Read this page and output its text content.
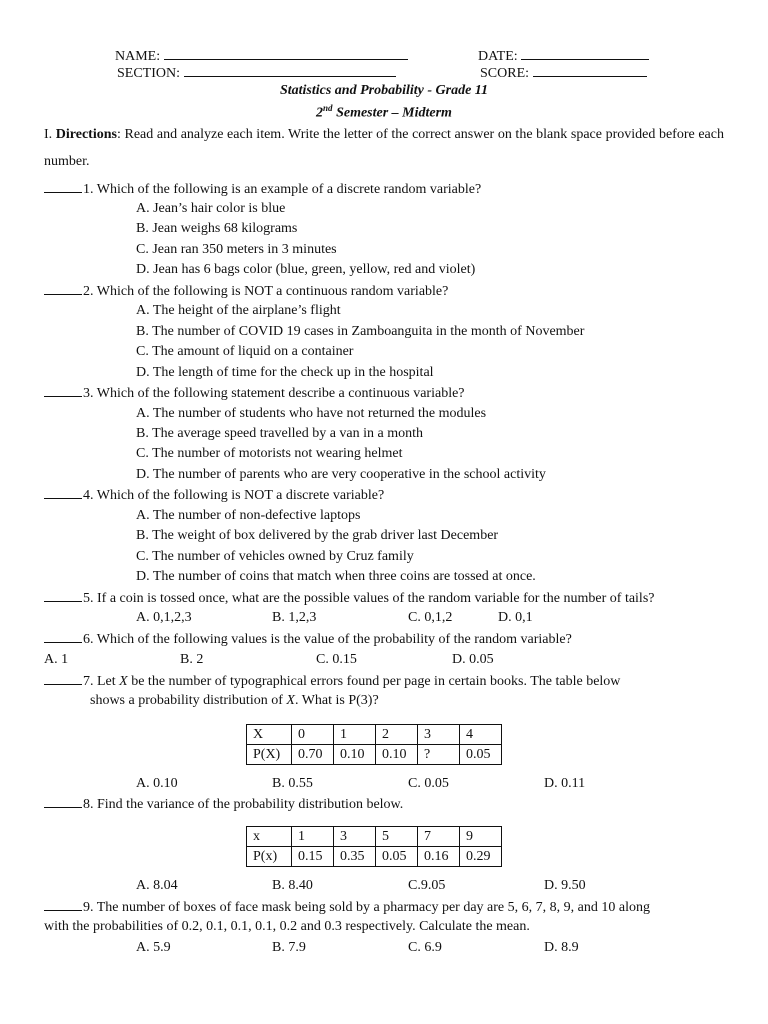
NAME:	DATE:
SECTION:	SCORE:
Statistics and Probability - Grade 11
2nd Semester – Midterm
I. Directions: Read and analyze each item. Write the letter of the correct answer on the blank space provided before each number.
1. Which of the following is an example of a discrete random variable?
A. Jean’s hair color is blue
B. Jean weighs 68 kilograms
C. Jean ran 350 meters in 3 minutes
D. Jean has 6 bags color (blue, green, yellow, red and violet)
2. Which of the following is NOT a continuous random variable?
A. The height of the airplane’s flight
B. The number of COVID 19 cases in Zamboanguita in the month of November
C. The amount of liquid on a container
D. The length of time for the check up in the hospital
3. Which of the following statement describe a continuous variable?
A. The number of students who have not returned the modules
B. The average speed travelled by a van in a month
C. The number of motorists not wearing helmet
D. The number of parents who are very cooperative in the school activity
4. Which of the following is NOT a discrete variable?
A. The number of non-defective laptops
B. The weight of box delivered by the grab driver last December
C. The number of vehicles owned by Cruz family
D. The number of coins that match when three coins are tossed at once.
5. If a coin is tossed once, what are the possible values of the random variable for the number of tails?
A. 0,1,2,3	B. 1,2,3	C. 0,1,2	D. 0,1
6. Which of the following values is the value of the probability of the random variable?
A. 1	B. 2	C. 0.15	D. 0.05
7. Let X be the number of typographical errors found per page in certain books. The table below
shows a probability distribution of X. What is P(3)?
X	0	1	2	3	4
P(X)	0.70	0.10	0.10	?	0.05
A. 0.10	B. 0.55	C. 0.05	D. 0.11
8. Find the variance of the probability distribution below.
x	1	3	5	7	9
P(x)	0.15	0.35	0.05	0.16	0.29
A. 8.04	B. 8.40	C.9.05	D. 9.50
9. The number of boxes of face mask being sold by a pharmacy per day are 5, 6, 7, 8, 9, and 10 along
with the probabilities of 0.2, 0.1, 0.1, 0.1, 0.2 and 0.3 respectively. Calculate the mean.
A. 5.9	B. 7.9	C. 6.9	D. 8.9
